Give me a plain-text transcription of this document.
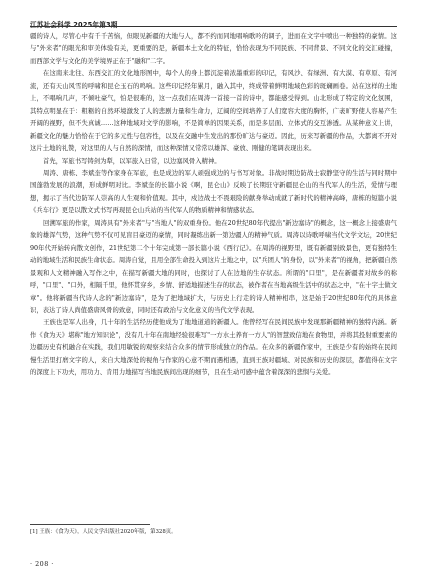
江苏社会科学 2025年第3期

疆的诗人，尽管心中有千千苦恼，但眼见新疆的大地与人，都不约而同地唱响歌吟的调子，进而在文字中喷出一种独特的豪情。这与"外来者"的眼光和审美体验有关，更重要的是，新疆本土文化的特征，恰恰表现为不同民族、不同背景、不同文化的交汇碰撞，而西部文学与文化的美学境界正在于"融和"二字。

在这南来北往、东西交汇的文化地形图中，每个人的身上都沉淀着浓墨重彩的印记，有风沙、有绿洲、有大漠、有草原、有河流，还有天山风雪的呼啸和昆仑玉石的鸣响。这些印记经年累月，融入其中，终成带着鲜明地域色彩的斑斓画卷。站在这样的土地上，不唱响几声，不倾吐豪气，怕是很难的，这一点我们在周涛一首接一首的诗中，都能感受得到。山北形成了特定的文化氛围，其特点明显在于：粗粝的自然环境激发了人的悲剧力量和生命力，辽阔的空间培养了人们宽容大度的胸怀，广袤旷野使人容易产生开阔的视野，但不失真诚……这种地域对文学的影响，不是简单的因果关系，而是多层面、立体式的交互渗透。从某种意义上讲，新疆文化的魅力恰恰在于它的多元性与包容性，以及在交融中生发出的那份旷达与豪迈。因此，历来写新疆的作品，大都离不开对这片土地的礼赞，对这里的人与自然的深情，而这种深情又常常以雄浑、豪放、刚健的笔调表现出来。

首先，军旅书写铸剑为犁，以军旅入日常，以边塞风骨入精神。

周涛、唐栋、李斌奎等作家身在军旅，也是成边的军人顽强成边的与书写对象。非战时期边防战士寂静坚守的生活与同时期中国蓬勃发展的浪潮，形成鲜明对比。李斌奎的长篇小说《啊，昆仑山》反映了长期驻守新疆昆仑山的当代军人的生活，爱情与理想，揭示了当代边防军人崇高的人生观和价值观。其中，戍边战士不畏艰险的献身举动成就了新时代的精神高峰，唐栋的短篇小说《兵车行》更是以散文式书写再现昆仑山兵站的当代军人的物质精神和情感状态。

回溯军旅的作家，周涛具有"外来者"与"当地人"的双重身份。他在20世纪80年代提出"新边塞诗"的概念，这一概念上接盛唐气象的雄浑气势，这种气势不仅可见盲目豪迈的豪情，同时凝练出新一第边疆人的精神气质。周涛以诗歌呼啸当代文学文坛，20世纪90年代开始转向散文创作，21世纪第二个十年完成第一部长篇小说《西行记》。在周涛的视野里，既有新疆别致景色，更有独特生动的地域生活和民族生命状态。周涛自觉，且用全部生命投入到这片土地之中，以"兵团人"的身份，以"外来者"的视角，把新疆自然景观和人文精神融入写作之中，在描写新疆大地的同时，也探讨了人在边地的生存状态。所谓的"口里"，是在新疆者对故乡的称呼，"口里"、"口外，相隔千里，他怀贯穿乡，乡情、舒适地描述生存的状态，被作者在当地高级生活中的状态之中，"在十字土做文章"。他将新疆当代诗人念的"新边塞诗"，是为了把地域扩大，与历史上行走的诗人精神相串，这是始于20世纪80年代的具体意识，表达了诗人尚值盛唐风骨的致意，同时还有政治与文化意义的当代文学表现。

王族也是军人出身，几十年的生活经历使他成为了地地道道的新疆人。他曾经写在民间民族中发现那新疆精神的独特内涵。新作《食为天》堪称"地方知识论"，没有几十年在南地经验很难写"一方水土养育一方人"的智慧致信地在食物里，并将其投射重要素的边疆历史有机融合在实践，我们用敏锐的观察来结合众多的情节形成独立的作品。在众多的新疆作家中，王族是少有的始终在民间慢生活里打磨文字的人，来自大地深处的视角与作家的心意不期而遇相遇，直到王族对疆域、对民族和历史的深层，都值得在文字的深度上下功夫，用功力、肯用力地描写当地民族间出现的细节，且在生动可感中蕴含着深深的悲悯与关爱。

[1] 王族：《食为天》，人民文学出版社2020年版，第328页。
· 208 ·
